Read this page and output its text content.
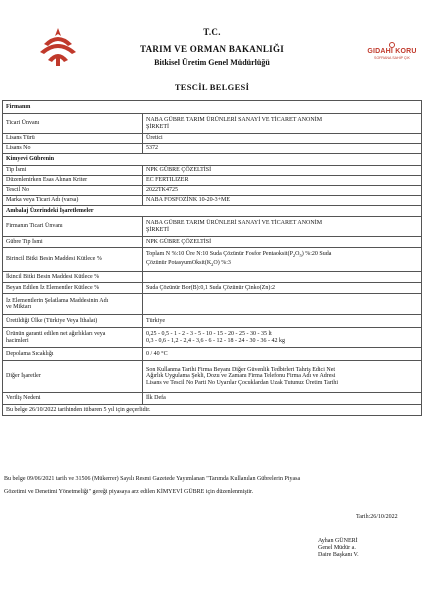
GIDAHI KORU
SOFRANA SAHİP ÇIK
T.C.
TARIM VE ORMAN BAKANLIĞI
Bitkisel Üretim Genel Müdürlüğü
TESCİL BELGESİ
Firmanın	
Ticari Ünvanı	NABA GÜBRE TARIM ÜRÜNLERİ SANAYİ VE TİCARET ANONİM
ŞİRKETİ
Lisans Türü	Üretici
Lisans No	5372
Kimyevi Gübrenin	
Tip İsmi	NPK GÜBRE ÇÖZELTİSİ
Düzenlenirken Esas Alınan Kriter	EC FERTILIZER
Tescil No	2022TK4725
Marka veya Ticari Adı (varsa)	NABA FOSFOZİNK 10-20-3+ME
Ambalaj Üzerindeki İşaretlemeler	
Firmanın Ticari Ünvanı	NABA GÜBRE TARIM ÜRÜNLERİ SANAYİ VE TİCARET ANONİM
ŞİRKETİ
Gübre Tip İsmi	NPK GÜBRE ÇÖZELTİSİ
Birincil Bitki Besin Maddesi Kütlece %	Toplam N %:10 Üre N:10 Suda Çözünür Fosfor $Pentaoksit(P_2O_5)$ %:20 Suda
Çözünür $PotasyumOksit(K_2O)$ %:3
İkincil Bitki Besin Maddesi Kütlece %	
Beyan Edilen İz Elementler Kütlece %	Suda Çözünür Bor(B):0,1 Suda Çözünür Çinko(Zn):2
İz Elementlerin Şelatlama Maddesinin Adı
ve Miktarı	
Üretildiği Ülke (Türkiye Veya İthalat)	Türkiye
Ürünün garanti edilen net ağırlıkları veya
hacimleri	0,25 - 0,5 - 1 - 2 - 3 - 5 - 10 - 15 - 20 - 25 - 30 - 35 lt
0,3 - 0,6 - 1,2 - 2,4 - 3,6 - 6 - 12 - 18 - 24 - 30 - 36 - 42 kg
Depolama Sıcaklığı	0 / 40 °C
Diğer İşaretler	Son Kullanma Tarihi Firma Beyanı Diğer Güvenlik Tedbirleri Tahriş Edici Net
Ağırlık Uygulama Şekli, Dozu ve Zamanı Firma Telefonu Firma Adı ve Adresi
Lisans ve Tescil No Parti No Uyarılar Çocuklardan Uzak Tutunuz Üretim Tarihi
Veriliş Nedeni	İlk Defa
Bu belge 26/10/2022 tarihinden itibaren 5 yıl için geçerlidir.	
Bu belge 09/06/2021 tarih ve 31506 (Mükerrer) Sayılı Resmi Gazetede Yayımlanan "Tarımda Kullanılan Gübrelerin Piyasa
Gözetimi ve Denetimi Yönetmeliği" gereği piyasaya arz edilen KİMYEVİ GÜBRE için düzenlenmiştir.
Tarih:26/10/2022
Ayhan GÜNERİ
Genel Müdür a.
Daire Başkanı V.
